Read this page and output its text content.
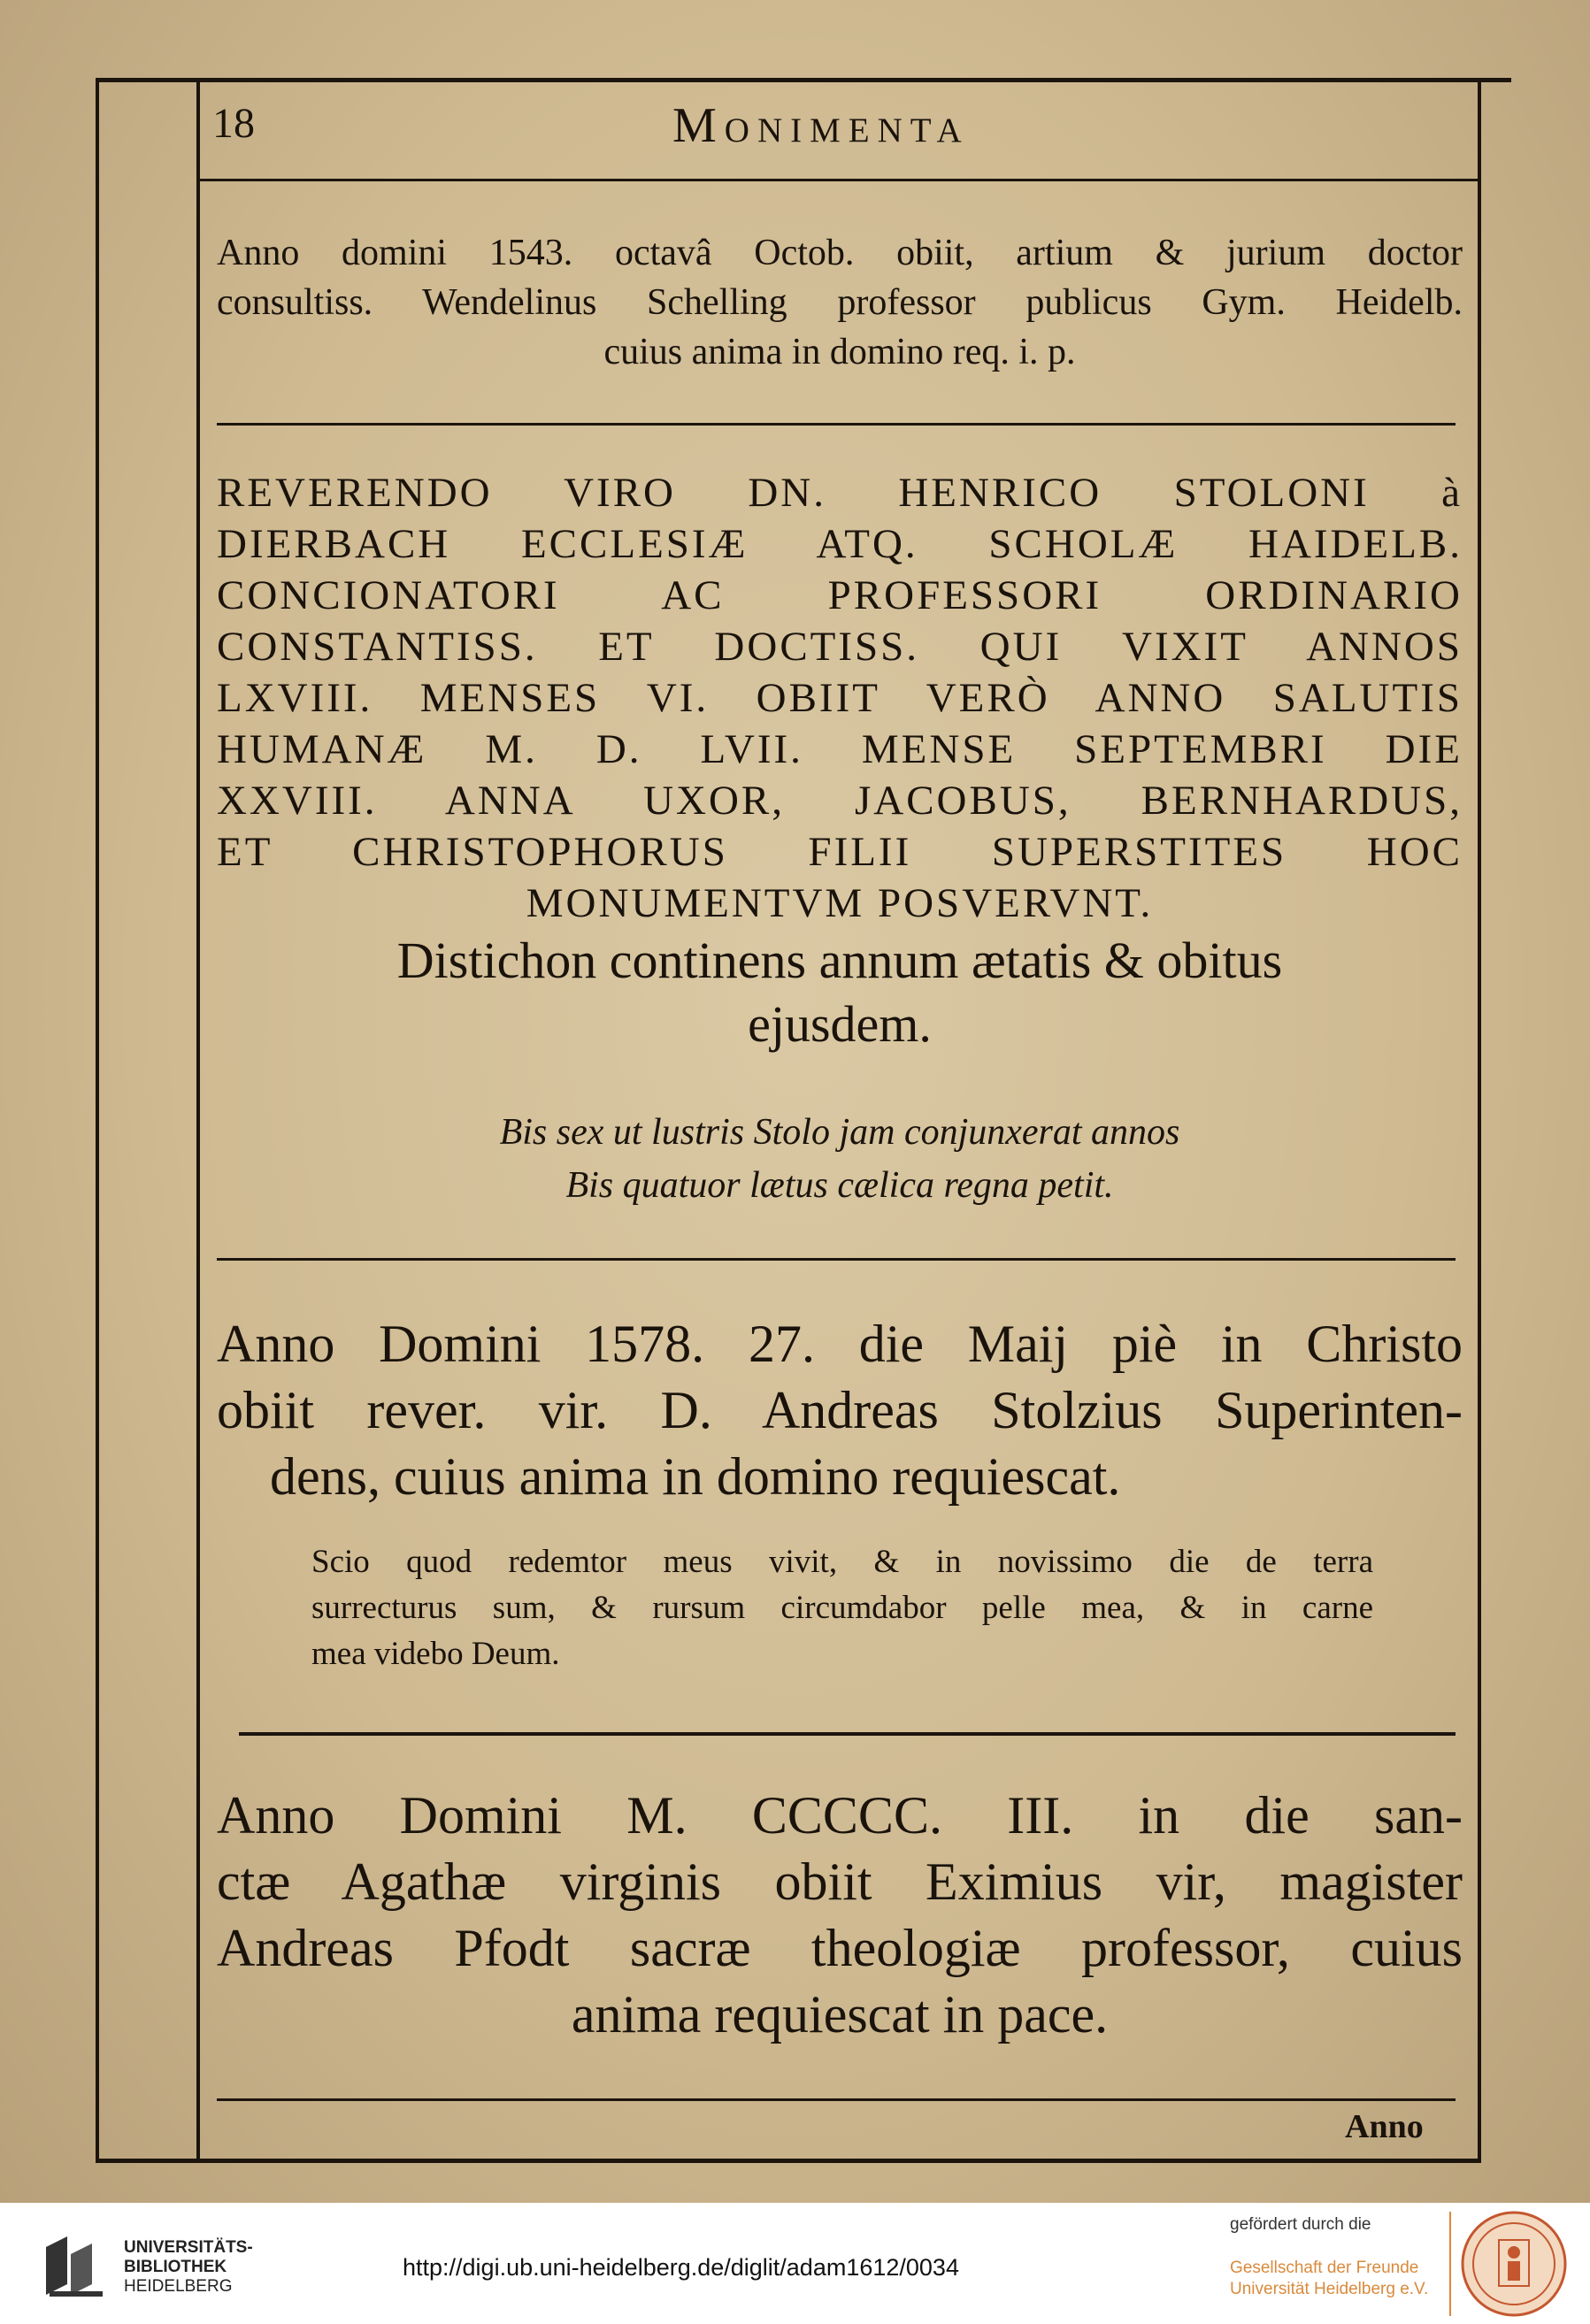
18	Monimenta
Anno domini 1543. octavâ Octob. obiit, artium & jurium doctor
consultiss. Wendelinus Schelling professor publicus Gym. Heidelb.
cuius anima in domino req. i. p.
REVERENDO VIRO DN. HENRICO STOLONI à
DIERBACH ECCLESIÆ ATQ. SCHOLÆ HAIDELB.
CONCIONATORI AC PROFESSORI ORDINARIO
CONSTANTISS. ET DOCTISS. QUI VIXIT ANNOS
LXVIII. MENSES VI. OBIIT VERÒ ANNO SALUTIS
HUMANÆ M. D. LVII. MENSE SEPTEMBRI DIE
XXVIII. ANNA UXOR, JACOBUS, BERNHARDUS,
ET CHRISTOPHORUS FILII SUPERSTITES HOC
MONUMENTVM POSVERVNT.
Distichon continens annum ætatis & obitus
ejusdem.
Bis sex ut lustris Stolo jam conjunxerat annos
Bis quatuor lætus cælica regna petit.
Anno Domini 1578. 27. die Maij piè in Christo
obiit rever. vir. D. Andreas Stolzius Superinten-
dens, cuius anima in domino requiescat.
Scio quod redemtor meus vivit, & in novissimo die de terra
surrecturus sum, & rursum circumdabor pelle mea, & in carne
mea videbo Deum.
Anno Domini M. CCCCC. III. in die san-
ctæ Agathæ virginis obiit Eximius vir, magister
Andreas Pfodt sacræ theologiæ professor, cuius
anima requiescat in pace.
Anno
UNIVERSITÄTS-
BIBLIOTHEK
HEIDELBERG
http://digi.ub.uni-heidelberg.de/diglit/adam1612/0034
gefördert durch die
Gesellschaft der Freunde
Universität Heidelberg e.V.
